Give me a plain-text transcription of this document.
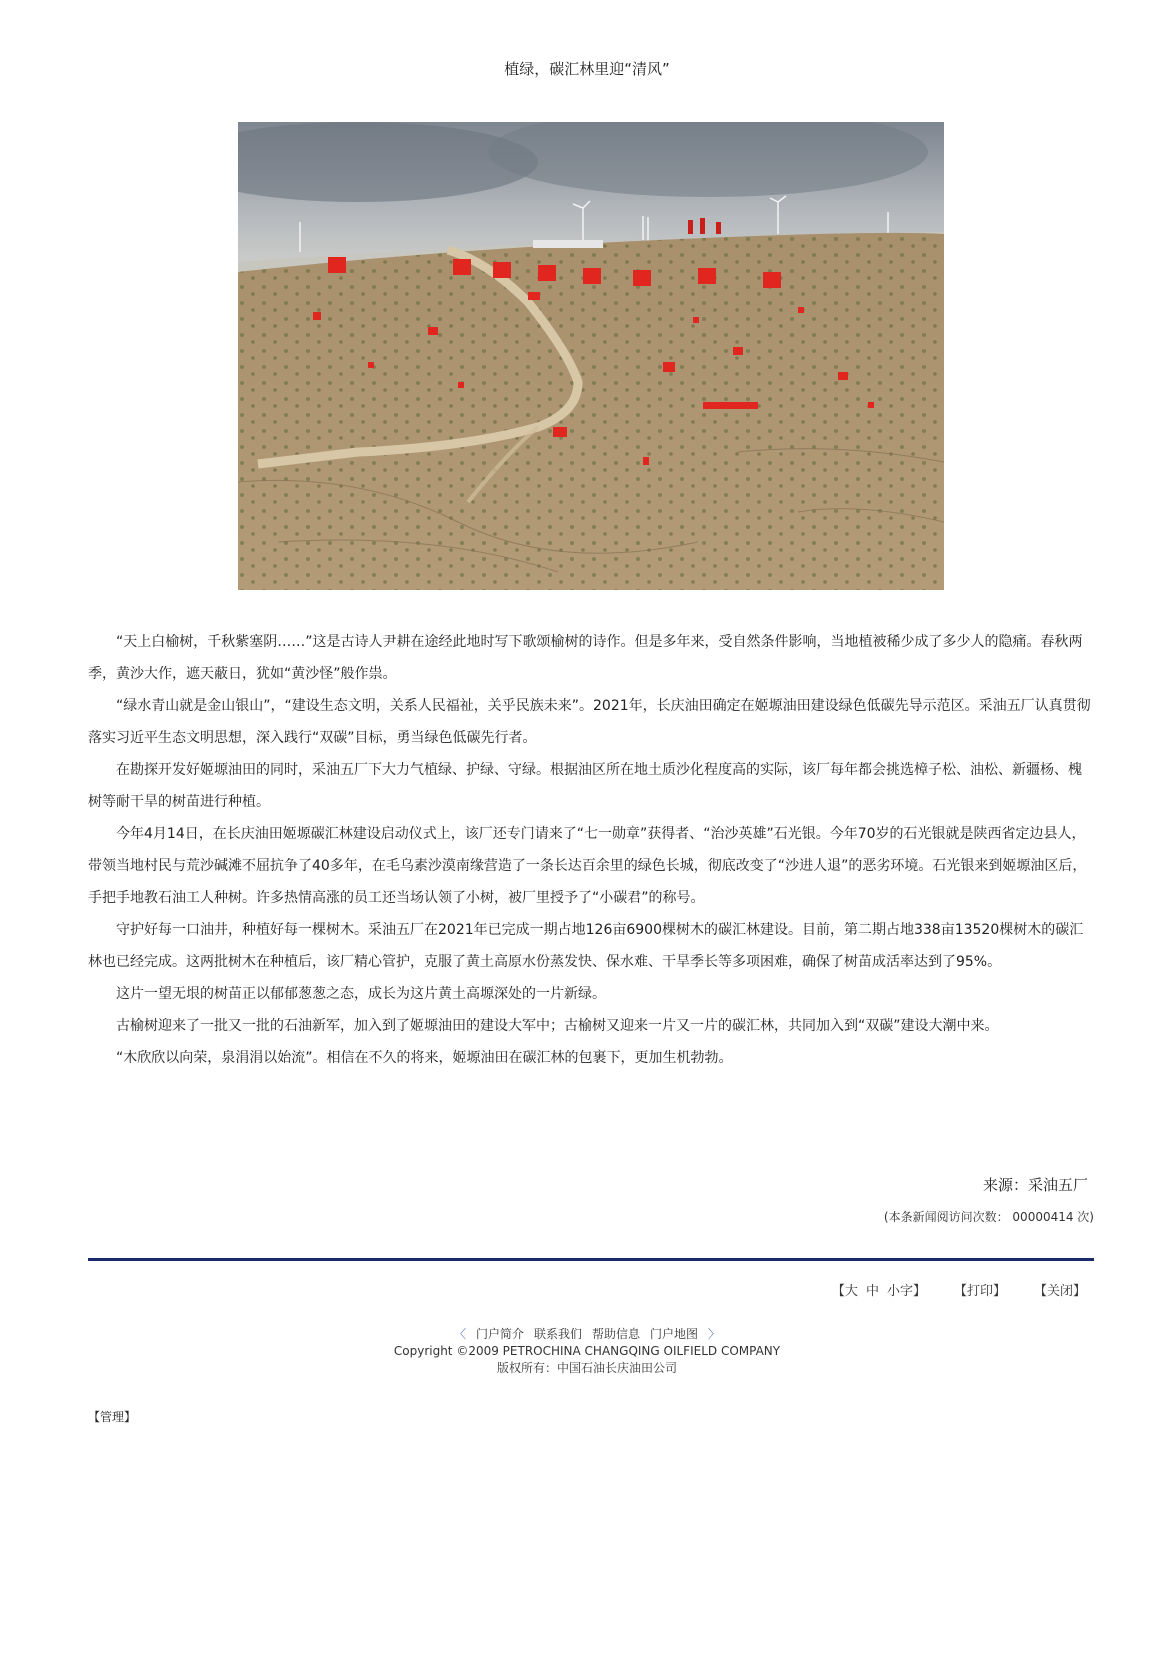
植绿，碳汇林里迎“清风”

“天上白榆树，千秋紫塞阴……”这是古诗人尹耕在途经此地时写下歌颂榆树的诗作。但是多年来，受自然条件影响，当地植被稀少成了多少人的隐痛。春秋两季，黄沙大作，遮天蔽日，犹如“黄沙怪”般作祟。

“绿水青山就是金山银山”，“建设生态文明，关系人民福祉，关乎民族未来”。2021年，长庆油田确定在姬塬油田建设绿色低碳先导示范区。采油五厂认真贯彻落实习近平生态文明思想，深入践行“双碳”目标，勇当绿色低碳先行者。

在勘探开发好姬塬油田的同时，采油五厂下大力气植绿、护绿、守绿。根据油区所在地土质沙化程度高的实际，该厂每年都会挑选樟子松、油松、新疆杨、槐树等耐干旱的树苗进行种植。

今年4月14日，在长庆油田姬塬碳汇林建设启动仪式上，该厂还专门请来了“七一勋章”获得者、“治沙英雄”石光银。今年70岁的石光银就是陕西省定边县人，带领当地村民与荒沙碱滩不屈抗争了40多年，在毛乌素沙漠南缘营造了一条长达百余里的绿色长城，彻底改变了“沙进人退”的恶劣环境。石光银来到姬塬油区后，手把手地教石油工人种树。许多热情高涨的员工还当场认领了小树，被厂里授予了“小碳君”的称号。

守护好每一口油井，种植好每一棵树木。采油五厂在2021年已完成一期占地126亩6900棵树木的碳汇林建设。目前，第二期占地338亩13520棵树木的碳汇林也已经完成。这两批树木在种植后，该厂精心管护，克服了黄土高原水份蒸发快、保水难、干旱季长等多项困难，确保了树苗成活率达到了95%。

这片一望无垠的树苗正以郁郁葱葱之态，成长为这片黄土高塬深处的一片新绿。

古榆树迎来了一批又一批的石油新军，加入到了姬塬油田的建设大军中；古榆树又迎来一片又一片的碳汇林，共同加入到“双碳”建设大潮中来。

“木欣欣以向荣，泉涓涓以始流”。相信在不久的将来，姬塬油田在碳汇林的包裹下，更加生机勃勃。

来源：采油五厂
(本条新闻阅访问次数： 00000414 次)
【大 中 小字】 【打印】 【关闭】
〈 门户简介 联系我们 帮助信息 门户地图 〉
Copyright ©2009 PETROCHINA CHANGQING OILFIELD COMPANY
版权所有：中国石油长庆油田公司
【管理】
